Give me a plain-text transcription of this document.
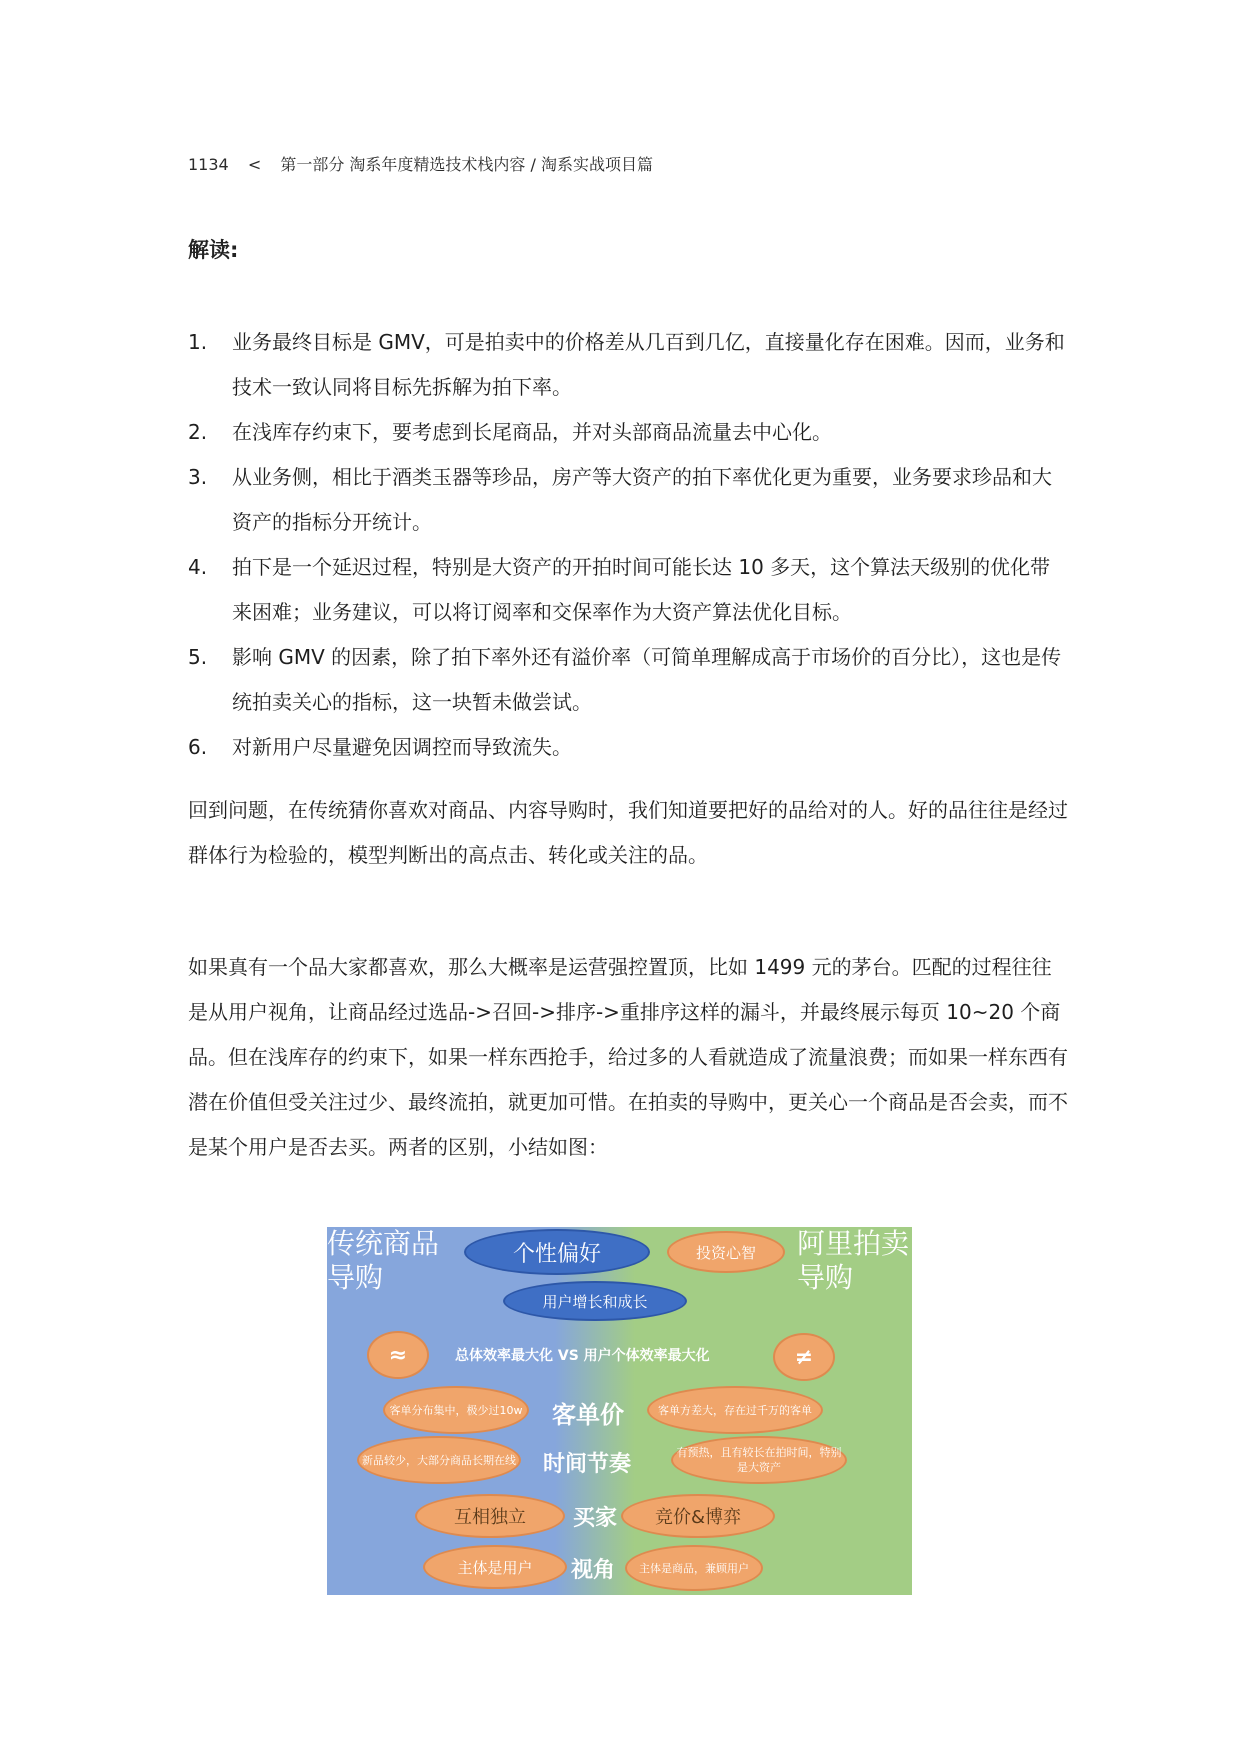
1134 < 第一部分 淘系年度精选技术栈内容 / 淘系实战项目篇
解读:
1. 业务最终目标是 GMV，可是拍卖中的价格差从几百到几亿，直接量化存在困难。因而，业务和技术一致认同将目标先拆解为拍下率。
2. 在浅库存约束下，要考虑到长尾商品，并对头部商品流量去中心化。
3. 从业务侧，相比于酒类玉器等珍品，房产等大资产的拍下率优化更为重要，业务要求珍品和大资产的指标分开统计。
4. 拍下是一个延迟过程，特别是大资产的开拍时间可能长达 10 多天，这个算法天级别的优化带来困难；业务建议，可以将订阅率和交保率作为大资产算法优化目标。
5. 影响 GMV 的因素，除了拍下率外还有溢价率（可简单理解成高于市场价的百分比），这也是传统拍卖关心的指标，这一块暂未做尝试。
6. 对新用户尽量避免因调控而导致流失。
回到问题，在传统猜你喜欢对商品、内容导购时，我们知道要把好的品给对的人。好的品往往是经过群体行为检验的，模型判断出的高点击、转化或关注的品。
如果真有一个品大家都喜欢，那么大概率是运营强控置顶，比如 1499 元的茅台。匹配的过程往往是从用户视角，让商品经过选品->召回->排序->重排序这样的漏斗，并最终展示每页 10~20 个商品。但在浅库存的约束下，如果一样东西抢手，给过多的人看就造成了流量浪费；而如果一样东西有潜在价值但受关注过少、最终流拍，就更加可惜。在拍卖的导购中，更关心一个商品是否会卖，而不是某个用户是否去买。两者的区别，小结如图：
传统商品导购
阿里拍卖导购
个性偏好	投资心智
用户增长和成长
≈	总体效率最大化 VS 用户个体效率最大化	≠
客单分布集中，极少过10w 客单价	客单方差大，存在过千万的客单
新品较少，大部分商品长期在线 时间节奏	有预热，且有较长在拍时间，特别是大资产
互相独立	买家	竞价&博弈
主体是用户	视角	主体是商品，兼顾用户
